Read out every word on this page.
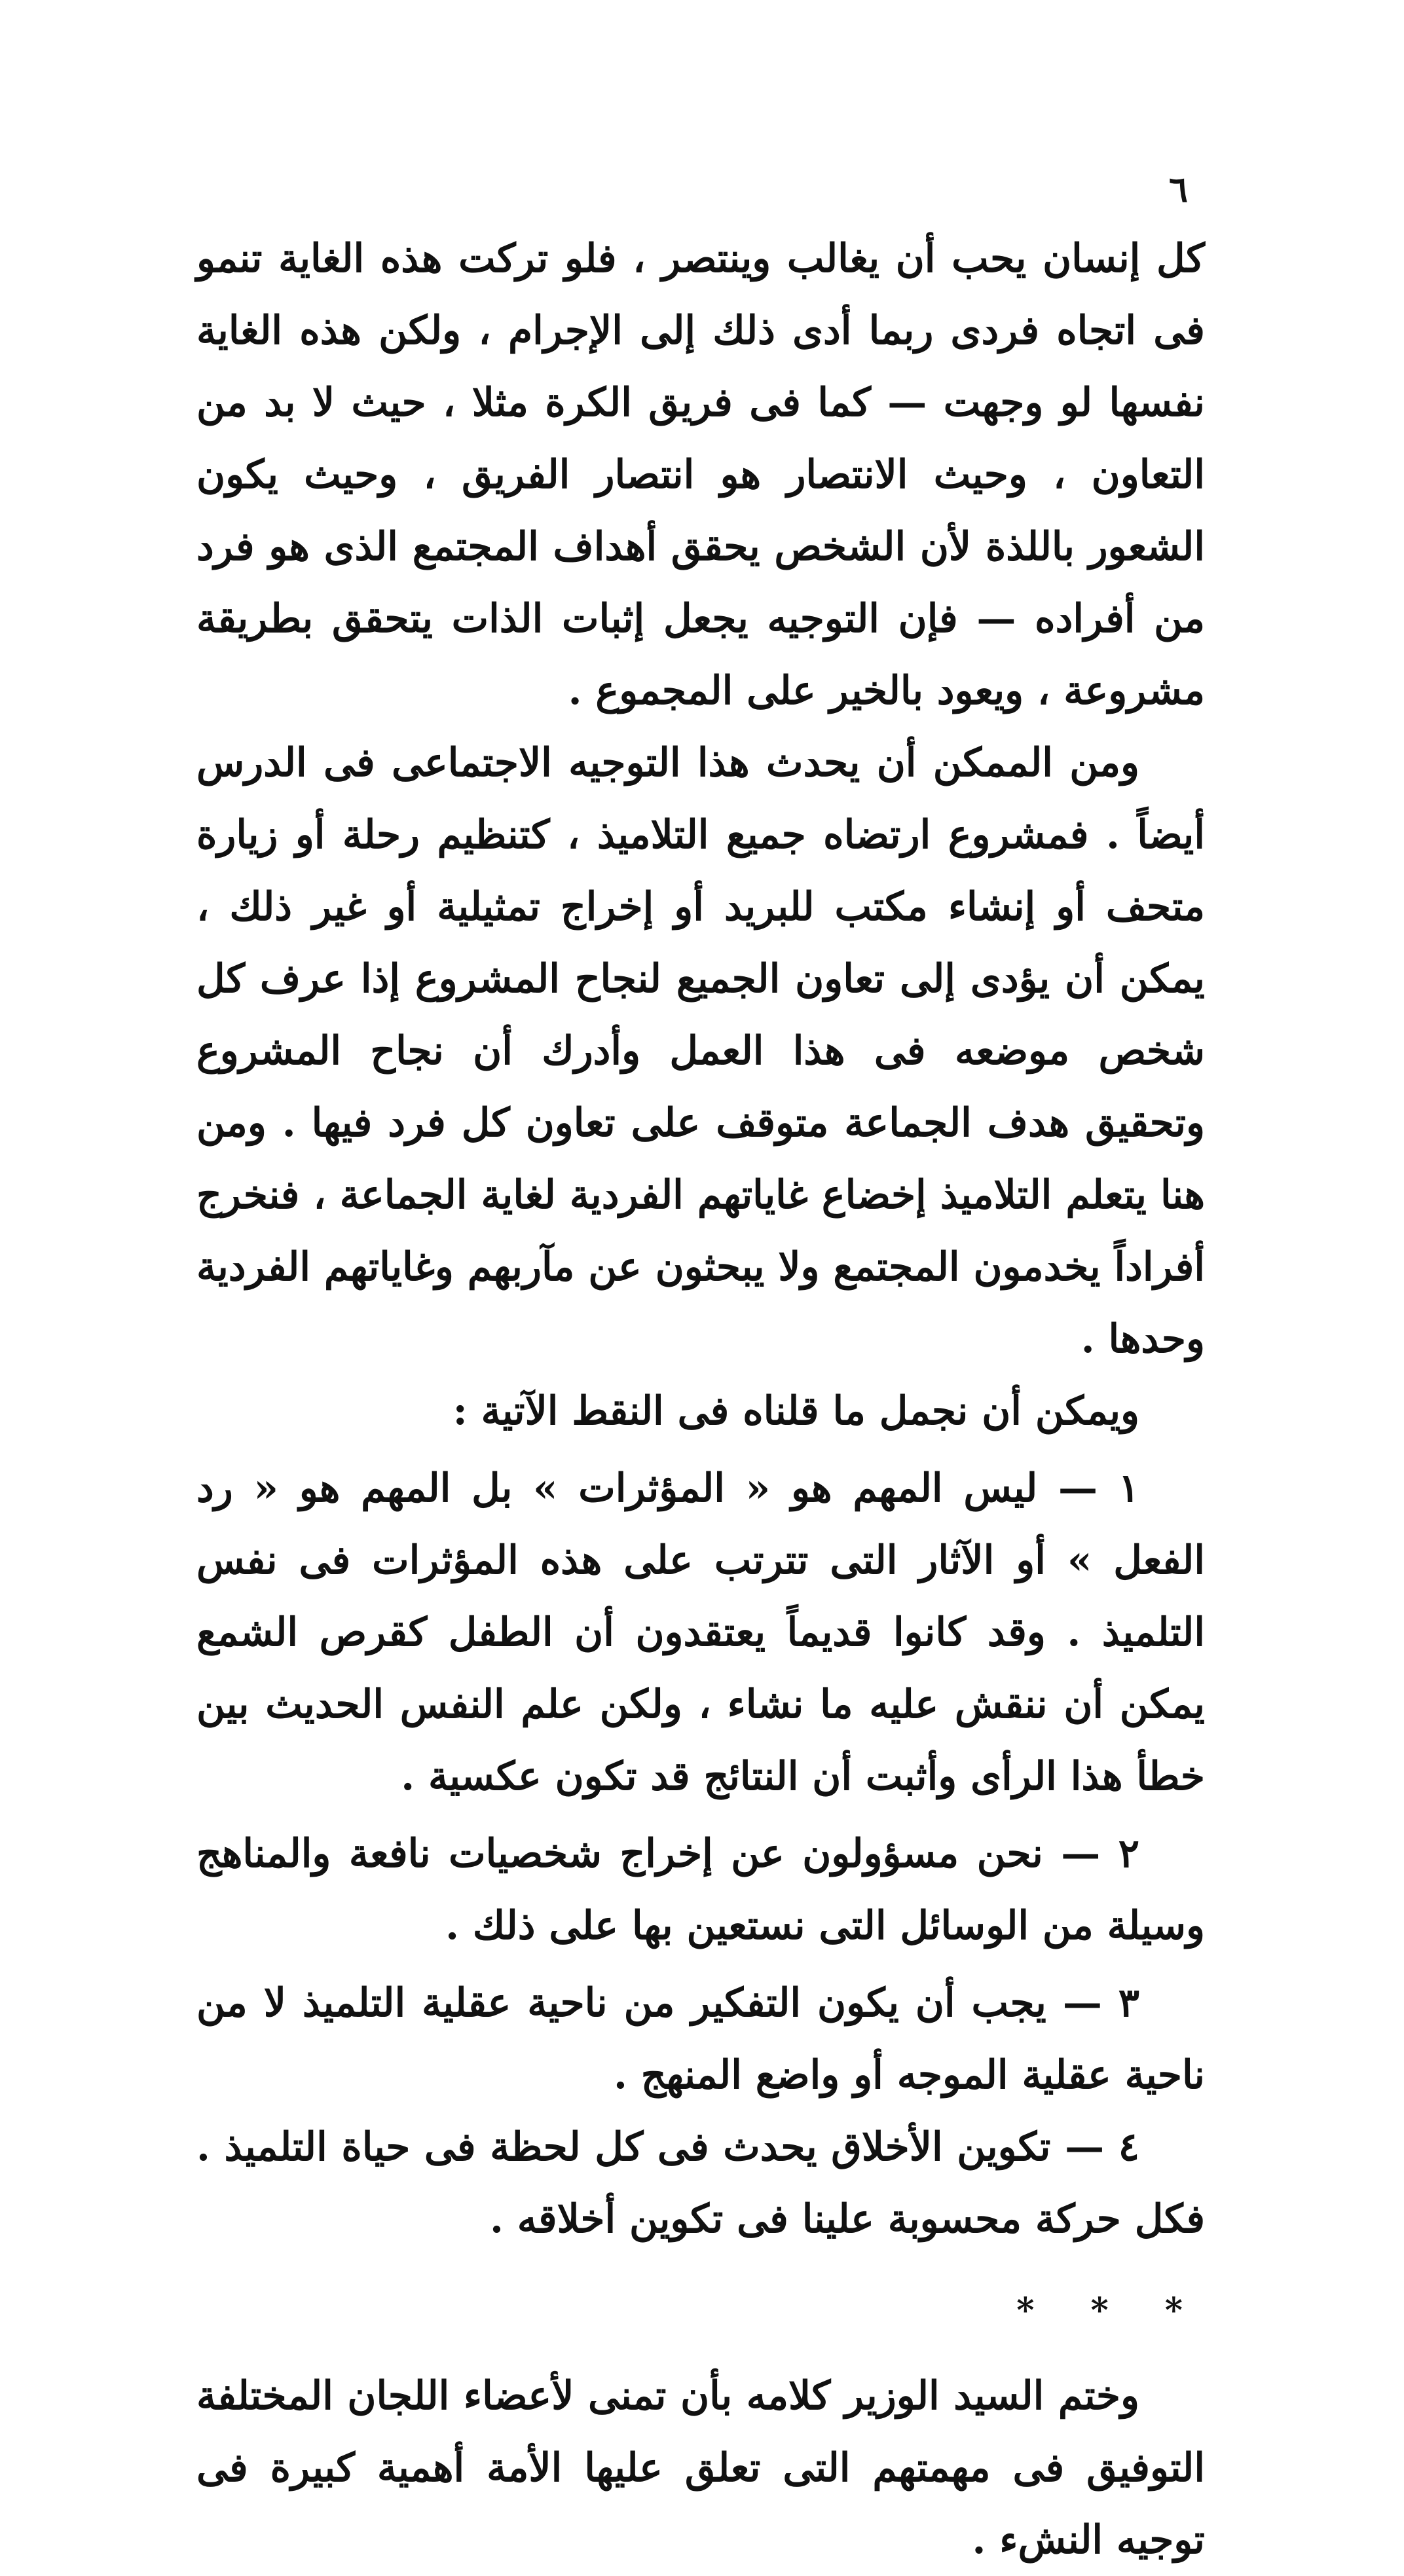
٦

كل إنسان يحب أن يغالب وينتصر ، فلو تركت هذه الغاية تنمو فى اتجاه فردى ربما أدى ذلك إلى الإجرام ، ولكن هذه الغاية نفسها لو وجهت — كما فى فريق الكرة مثلا ، حيث لا بد من التعاون ، وحيث الانتصار هو انتصار الفريق ، وحيث يكون الشعور باللذة لأن الشخص يحقق أهداف المجتمع الذى هو فرد من أفراده — فإن التوجيه يجعل إثبات الذات يتحقق بطريقة مشروعة ، ويعود بالخير على المجموع .

ومن الممكن أن يحدث هذا التوجيه الاجتماعى فى الدرس أيضاً . فمشروع ارتضاه جميع التلاميذ ، كتنظيم رحلة أو زيارة متحف أو إنشاء مكتب للبريد أو إخراج تمثيلية أو غير ذلك ، يمكن أن يؤدى إلى تعاون الجميع لنجاح المشروع إذا عرف كل شخص موضعه فى هذا العمل وأدرك أن نجاح المشروع وتحقيق هدف الجماعة متوقف على تعاون كل فرد فيها . ومن هنا يتعلم التلاميذ إخضاع غاياتهم الفردية لغاية الجماعة ، فنخرج أفراداً يخدمون المجتمع ولا يبحثون عن مآربهم وغاياتهم الفردية وحدها .

ويمكن أن نجمل ما قلناه فى النقط الآتية :

١ — ليس المهم هو « المؤثرات » بل المهم هو « رد الفعل » أو الآثار التى تترتب على هذه المؤثرات فى نفس التلميذ . وقد كانوا قديماً يعتقدون أن الطفل كقرص الشمع يمكن أن ننقش عليه ما نشاء ، ولكن علم النفس الحديث بين خطأ هذا الرأى وأثبت أن النتائج قد تكون عكسية .

٢ — نحن مسؤولون عن إخراج شخصيات نافعة والمناهج وسيلة من الوسائل التى نستعين بها على ذلك .

٣ — يجب أن يكون التفكير من ناحية عقلية التلميذ لا من ناحية عقلية الموجه أو واضع المنهج .

٤ — تكوين الأخلاق يحدث فى كل لحظة فى حياة التلميذ . فكل حركة محسوبة علينا فى تكوين أخلاقه .

* * *

وختم السيد الوزير كلامه بأن تمنى لأعضاء اللجان المختلفة التوفيق فى مهمتهم التى تعلق عليها الأمة أهمية كبيرة فى توجيه النشء .
